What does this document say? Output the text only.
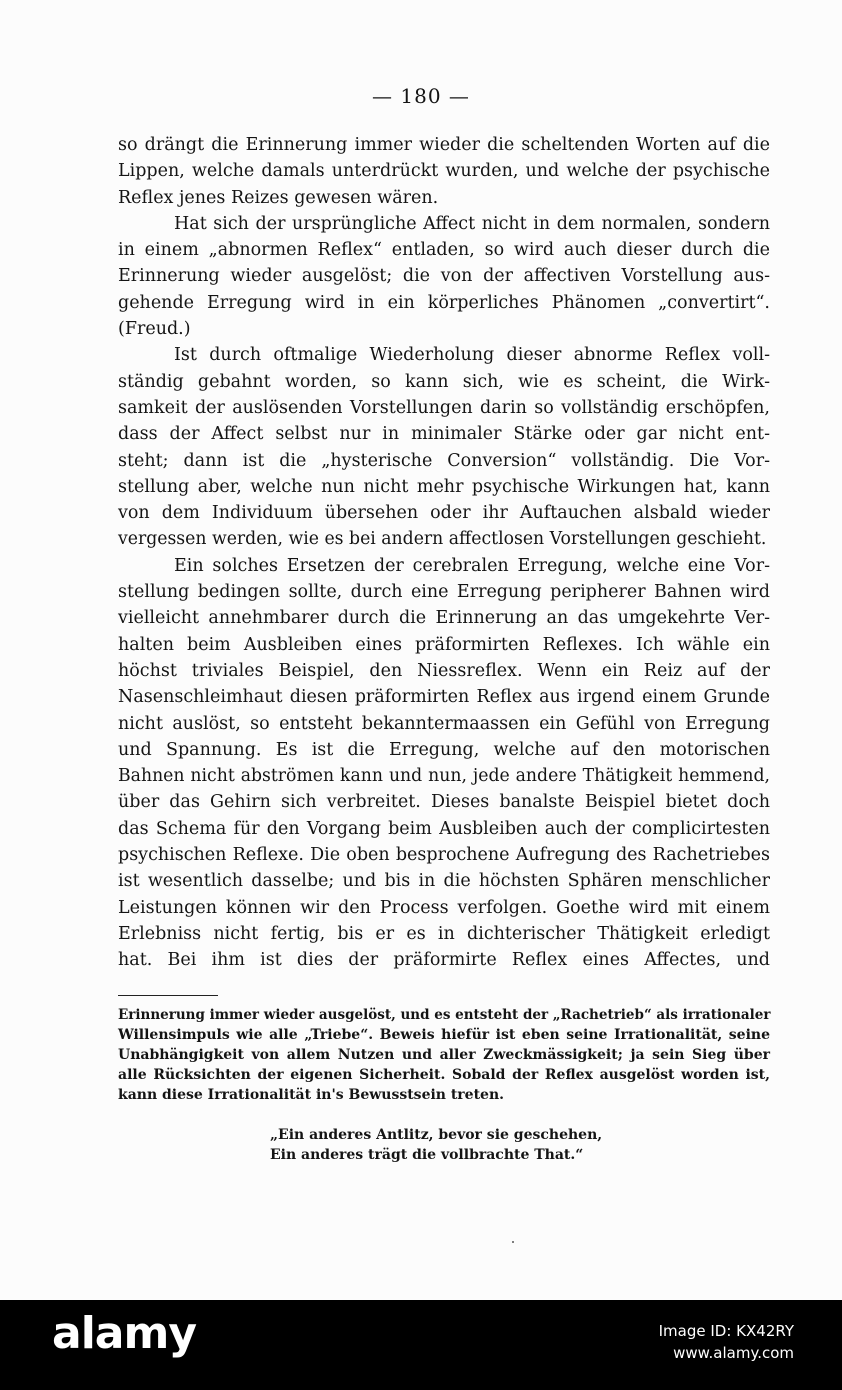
— 180 —
so drängt die Erinnerung immer wieder die scheltenden Worten auf die
Lippen, welche damals unterdrückt wurden, und welche der psychische
Reflex jenes Reizes gewesen wären.
Hat sich der ursprüngliche Affect nicht in dem normalen, sondern
in einem „abnormen Reflex“ entladen, so wird auch dieser durch die
Erinnerung wieder ausgelöst; die von der affectiven Vorstellung aus-
gehende Erregung wird in ein körperliches Phänomen „convertirt“.
(Freud.)
Ist durch oftmalige Wiederholung dieser abnorme Reflex voll-
ständig gebahnt worden, so kann sich, wie es scheint, die Wirk-
samkeit der auslösenden Vorstellungen darin so vollständig erschöpfen,
dass der Affect selbst nur in minimaler Stärke oder gar nicht ent-
steht; dann ist die „hysterische Conversion“ vollständig. Die Vor-
stellung aber, welche nun nicht mehr psychische Wirkungen hat, kann
von dem Individuum übersehen oder ihr Auftauchen alsbald wieder
vergessen werden, wie es bei andern affectlosen Vorstellungen geschieht.
Ein solches Ersetzen der cerebralen Erregung, welche eine Vor-
stellung bedingen sollte, durch eine Erregung peripherer Bahnen wird
vielleicht annehmbarer durch die Erinnerung an das umgekehrte Ver-
halten beim Ausbleiben eines präformirten Reflexes. Ich wähle ein
höchst triviales Beispiel, den Niessreflex. Wenn ein Reiz auf der
Nasenschleimhaut diesen präformirten Reflex aus irgend einem Grunde
nicht auslöst, so entsteht bekanntermaassen ein Gefühl von Erregung
und Spannung. Es ist die Erregung, welche auf den motorischen
Bahnen nicht abströmen kann und nun, jede andere Thätigkeit hemmend,
über das Gehirn sich verbreitet. Dieses banalste Beispiel bietet doch
das Schema für den Vorgang beim Ausbleiben auch der complicirtesten
psychischen Reflexe. Die oben besprochene Aufregung des Rachetriebes
ist wesentlich dasselbe; und bis in die höchsten Sphären menschlicher
Leistungen können wir den Process verfolgen. Goethe wird mit einem
Erlebniss nicht fertig, bis er es in dichterischer Thätigkeit erledigt
hat. Bei ihm ist dies der präformirte Reflex eines Affectes, und
Erinnerung immer wieder ausgelöst, und es entsteht der „Rachetrieb“ als irrationaler
Willensimpuls wie alle „Triebe“. Beweis hiefür ist eben seine Irrationalität, seine
Unabhängigkeit von allem Nutzen und aller Zweckmässigkeit; ja sein Sieg über
alle Rücksichten der eigenen Sicherheit. Sobald der Reflex ausgelöst worden ist,
kann diese Irrationalität in's Bewusstsein treten.
„Ein anderes Antlitz, bevor sie geschehen,
Ein anderes trägt die vollbrachte That.“
alamy	Image ID: KX42RY
www.alamy.com
